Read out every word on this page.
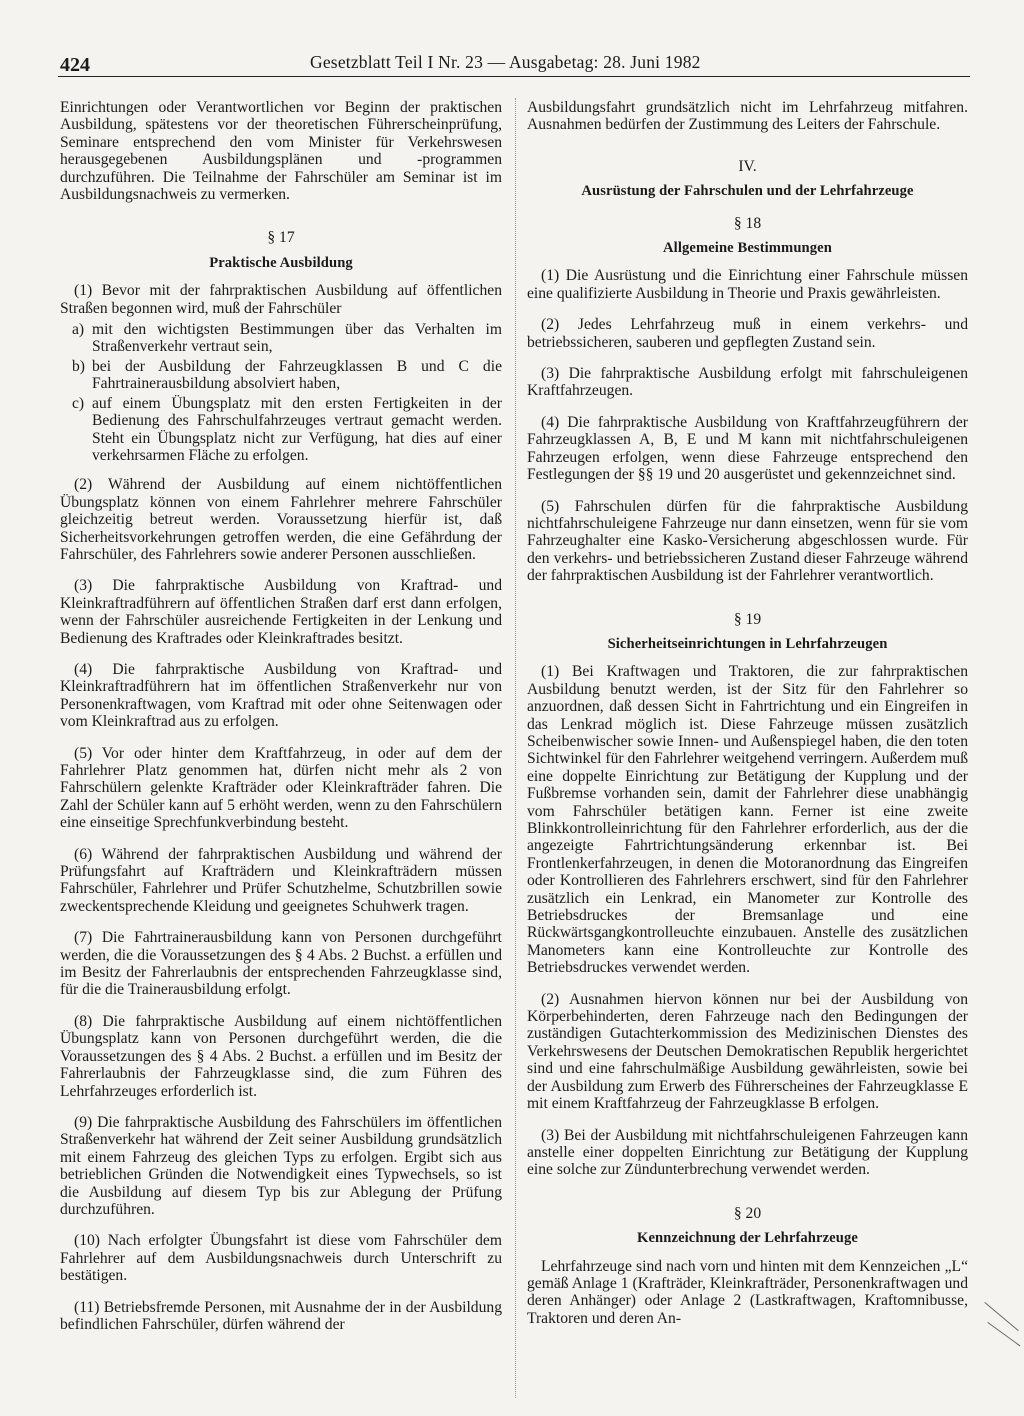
424	Gesetzblatt Teil I Nr. 23 — Ausgabetag: 28. Juni 1982

Einrichtungen oder Verantwortlichen vor Beginn der praktischen Ausbildung, spätestens vor der theoretischen Führerscheinprüfung, Seminare entsprechend den vom Minister für Verkehrswesen herausgegebenen Ausbildungsplänen und -programmen durchzuführen. Die Teilnahme der Fahrschüler am Seminar ist im Ausbildungsnachweis zu vermerken.

§ 17
Praktische Ausbildung

(1) Bevor mit der fahrpraktischen Ausbildung auf öffentlichen Straßen begonnen wird, muß der Fahrschüler

a) mit den wichtigsten Bestimmungen über das Verhalten im Straßenverkehr vertraut sein,
b) bei der Ausbildung der Fahrzeugklassen B und C die Fahrtrainerausbildung absolviert haben,
c) auf einem Übungsplatz mit den ersten Fertigkeiten in der Bedienung des Fahrschulfahrzeuges vertraut gemacht werden. Steht ein Übungsplatz nicht zur Verfügung, hat dies auf einer verkehrsarmen Fläche zu erfolgen.

(2) Während der Ausbildung auf einem nichtöffentlichen Übungsplatz können von einem Fahrlehrer mehrere Fahrschüler gleichzeitig betreut werden. Voraussetzung hierfür ist, daß Sicherheitsvorkehrungen getroffen werden, die eine Gefährdung der Fahrschüler, des Fahrlehrers sowie anderer Personen ausschließen.

(3) Die fahrpraktische Ausbildung von Kraftrad- und Kleinkraftradführern auf öffentlichen Straßen darf erst dann erfolgen, wenn der Fahrschüler ausreichende Fertigkeiten in der Lenkung und Bedienung des Kraftrades oder Kleinkraftrades besitzt.

(4) Die fahrpraktische Ausbildung von Kraftrad- und Kleinkraftradführern hat im öffentlichen Straßenverkehr nur von Personenkraftwagen, vom Kraftrad mit oder ohne Seitenwagen oder vom Kleinkraftrad aus zu erfolgen.

(5) Vor oder hinter dem Kraftfahrzeug, in oder auf dem der Fahrlehrer Platz genommen hat, dürfen nicht mehr als 2 von Fahrschülern gelenkte Krafträder oder Kleinkrafträder fahren. Die Zahl der Schüler kann auf 5 erhöht werden, wenn zu den Fahrschülern eine einseitige Sprechfunkverbindung besteht.

(6) Während der fahrpraktischen Ausbildung und während der Prüfungsfahrt auf Krafträdern und Kleinkrafträdern müssen Fahrschüler, Fahrlehrer und Prüfer Schutzhelme, Schutzbrillen sowie zweckentsprechende Kleidung und geeignetes Schuhwerk tragen.

(7) Die Fahrtrainerausbildung kann von Personen durchgeführt werden, die die Voraussetzungen des § 4 Abs. 2 Buchst. a erfüllen und im Besitz der Fahrerlaubnis der entsprechenden Fahrzeugklasse sind, für die die Trainerausbildung erfolgt.

(8) Die fahrpraktische Ausbildung auf einem nichtöffentlichen Übungsplatz kann von Personen durchgeführt werden, die die Voraussetzungen des § 4 Abs. 2 Buchst. a erfüllen und im Besitz der Fahrerlaubnis der Fahrzeugklasse sind, die zum Führen des Lehrfahrzeuges erforderlich ist.

(9) Die fahrpraktische Ausbildung des Fahrschülers im öffentlichen Straßenverkehr hat während der Zeit seiner Ausbildung grundsätzlich mit einem Fahrzeug des gleichen Typs zu erfolgen. Ergibt sich aus betrieblichen Gründen die Notwendigkeit eines Typwechsels, so ist die Ausbildung auf diesem Typ bis zur Ablegung der Prüfung durchzuführen.

(10) Nach erfolgter Übungsfahrt ist diese vom Fahrschüler dem Fahrlehrer auf dem Ausbildungsnachweis durch Unterschrift zu bestätigen.

(11) Betriebsfremde Personen, mit Ausnahme der in der Ausbildung befindlichen Fahrschüler, dürfen während der

Ausbildungsfahrt grundsätzlich nicht im Lehrfahrzeug mitfahren. Ausnahmen bedürfen der Zustimmung des Leiters der Fahrschule.

IV.
Ausrüstung der Fahrschulen und der Lehrfahrzeuge
§ 18
Allgemeine Bestimmungen

(1) Die Ausrüstung und die Einrichtung einer Fahrschule müssen eine qualifizierte Ausbildung in Theorie und Praxis gewährleisten.

(2) Jedes Lehrfahrzeug muß in einem verkehrs- und betriebssicheren, sauberen und gepflegten Zustand sein.

(3) Die fahrpraktische Ausbildung erfolgt mit fahrschuleigenen Kraftfahrzeugen.

(4) Die fahrpraktische Ausbildung von Kraftfahrzeugführern der Fahrzeugklassen A, B, E und M kann mit nichtfahrschuleigenen Fahrzeugen erfolgen, wenn diese Fahrzeuge entsprechend den Festlegungen der §§ 19 und 20 ausgerüstet und gekennzeichnet sind.

(5) Fahrschulen dürfen für die fahrpraktische Ausbildung nichtfahrschuleigene Fahrzeuge nur dann einsetzen, wenn für sie vom Fahrzeughalter eine Kasko-Versicherung abgeschlossen wurde. Für den verkehrs- und betriebssicheren Zustand dieser Fahrzeuge während der fahrpraktischen Ausbildung ist der Fahrlehrer verantwortlich.

§ 19
Sicherheitseinrichtungen in Lehrfahrzeugen

(1) Bei Kraftwagen und Traktoren, die zur fahrpraktischen Ausbildung benutzt werden, ist der Sitz für den Fahrlehrer so anzuordnen, daß dessen Sicht in Fahrtrichtung und ein Eingreifen in das Lenkrad möglich ist. Diese Fahrzeuge müssen zusätzlich Scheibenwischer sowie Innen- und Außenspiegel haben, die den toten Sichtwinkel für den Fahrlehrer weitgehend verringern. Außerdem muß eine doppelte Einrichtung zur Betätigung der Kupplung und der Fußbremse vorhanden sein, damit der Fahrlehrer diese unabhängig vom Fahrschüler betätigen kann. Ferner ist eine zweite Blinkkontrolleinrichtung für den Fahrlehrer erforderlich, aus der die angezeigte Fahrtrichtungsänderung erkennbar ist. Bei Frontlenkerfahrzeugen, in denen die Motoranordnung das Eingreifen oder Kontrollieren des Fahrlehrers erschwert, sind für den Fahrlehrer zusätzlich ein Lenkrad, ein Manometer zur Kontrolle des Betriebsdruckes der Bremsanlage und eine Rückwärtsgangkontrolleuchte einzubauen. Anstelle des zusätzlichen Manometers kann eine Kontrolleuchte zur Kontrolle des Betriebsdruckes verwendet werden.

(2) Ausnahmen hiervon können nur bei der Ausbildung von Körperbehinderten, deren Fahrzeuge nach den Bedingungen der zuständigen Gutachterkommission des Medizinischen Dienstes des Verkehrswesens der Deutschen Demokratischen Republik hergerichtet sind und eine fahrschulmäßige Ausbildung gewährleisten, sowie bei der Ausbildung zum Erwerb des Führerscheines der Fahrzeugklasse E mit einem Kraftfahrzeug der Fahrzeugklasse B erfolgen.

(3) Bei der Ausbildung mit nichtfahrschuleigenen Fahrzeugen kann anstelle einer doppelten Einrichtung zur Betätigung der Kupplung eine solche zur Zündunterbrechung verwendet werden.

§ 20
Kennzeichnung der Lehrfahrzeuge

Lehrfahrzeuge sind nach vorn und hinten mit dem Kennzeichen „L“ gemäß Anlage 1 (Krafträder, Kleinkrafträder, Personenkraftwagen und deren Anhänger) oder Anlage 2 (Lastkraftwagen, Kraftomnibusse, Traktoren und deren An-
